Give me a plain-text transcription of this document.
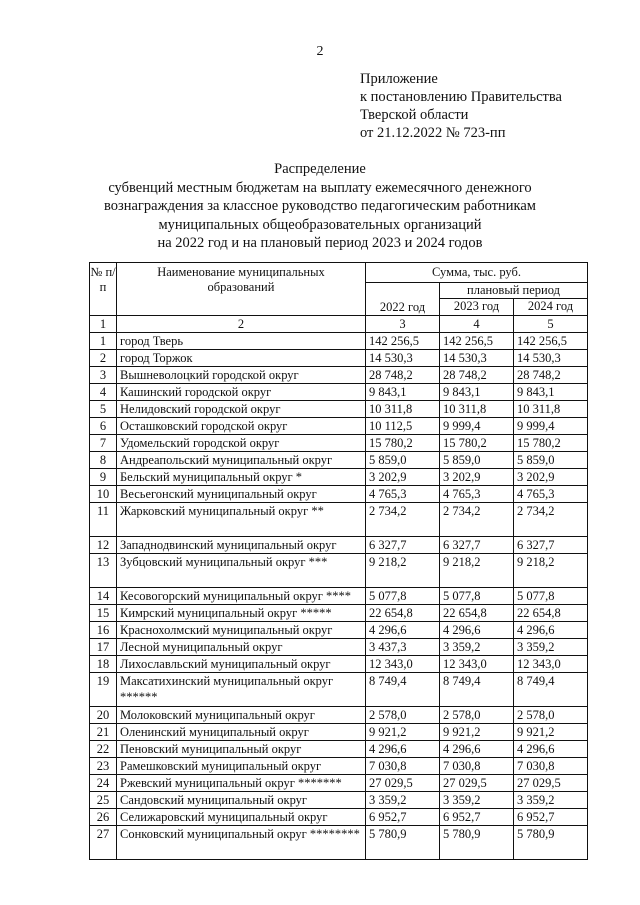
2
Приложение
к постановлению Правительства
Тверской области
от 21.12.2022 № 723-пп
Распределение
субвенций местным бюджетам на выплату ежемесячного денежного
вознаграждения за классное руководство педагогическим работникам
муниципальных общеобразовательных организаций
на 2022 год и на плановый период 2023 и 2024 годов
№ п/п	Наименование муниципальных образований	Сумма, тыс. руб.		
		2022 год	плановый период	
			2023 год	2024 год
1	2	3	4	5
1	город Тверь	142 256,5	142 256,5	142 256,5
2	город Торжок	14 530,3	14 530,3	14 530,3
3	Вышневолоцкий городской округ	28 748,2	28 748,2	28 748,2
4	Кашинский городской округ	9 843,1	9 843,1	9 843,1
5	Нелидовский городской округ	10 311,8	10 311,8	10 311,8
6	Осташковский городской округ	10 112,5	9 999,4	9 999,4
7	Удомельский городской округ	15 780,2	15 780,2	15 780,2
8	Андреапольский муниципальный округ	5 859,0	5 859,0	5 859,0
9	Бельский муниципальный округ *	3 202,9	3 202,9	3 202,9
10	Весьегонский муниципальный округ	4 765,3	4 765,3	4 765,3
11	Жарковский муниципальный округ **	2 734,2	2 734,2	2 734,2
12	Западнодвинский муниципальный округ	6 327,7	6 327,7	6 327,7
13	Зубцовский муниципальный округ ***	9 218,2	9 218,2	9 218,2
14	Кесовогорский муниципальный округ ****	5 077,8	5 077,8	5 077,8
15	Кимрский муниципальный округ *****	22 654,8	22 654,8	22 654,8
16	Краснохолмский муниципальный округ	4 296,6	4 296,6	4 296,6
17	Лесной муниципальный округ	3 437,3	3 359,2	3 359,2
18	Лихославльский муниципальный округ	12 343,0	12 343,0	12 343,0
19	Максатихинский муниципальный округ ******	8 749,4	8 749,4	8 749,4
20	Молоковский муниципальный округ	2 578,0	2 578,0	2 578,0
21	Оленинский муниципальный округ	9 921,2	9 921,2	9 921,2
22	Пеновский муниципальный округ	4 296,6	4 296,6	4 296,6
23	Рамешковский муниципальный округ	7 030,8	7 030,8	7 030,8
24	Ржевский муниципальный округ *******	27 029,5	27 029,5	27 029,5
25	Сандовский муниципальный округ	3 359,2	3 359,2	3 359,2
26	Селижаровский муниципальный округ	6 952,7	6 952,7	6 952,7
27	Сонковский муниципальный округ ********	5 780,9	5 780,9	5 780,9
